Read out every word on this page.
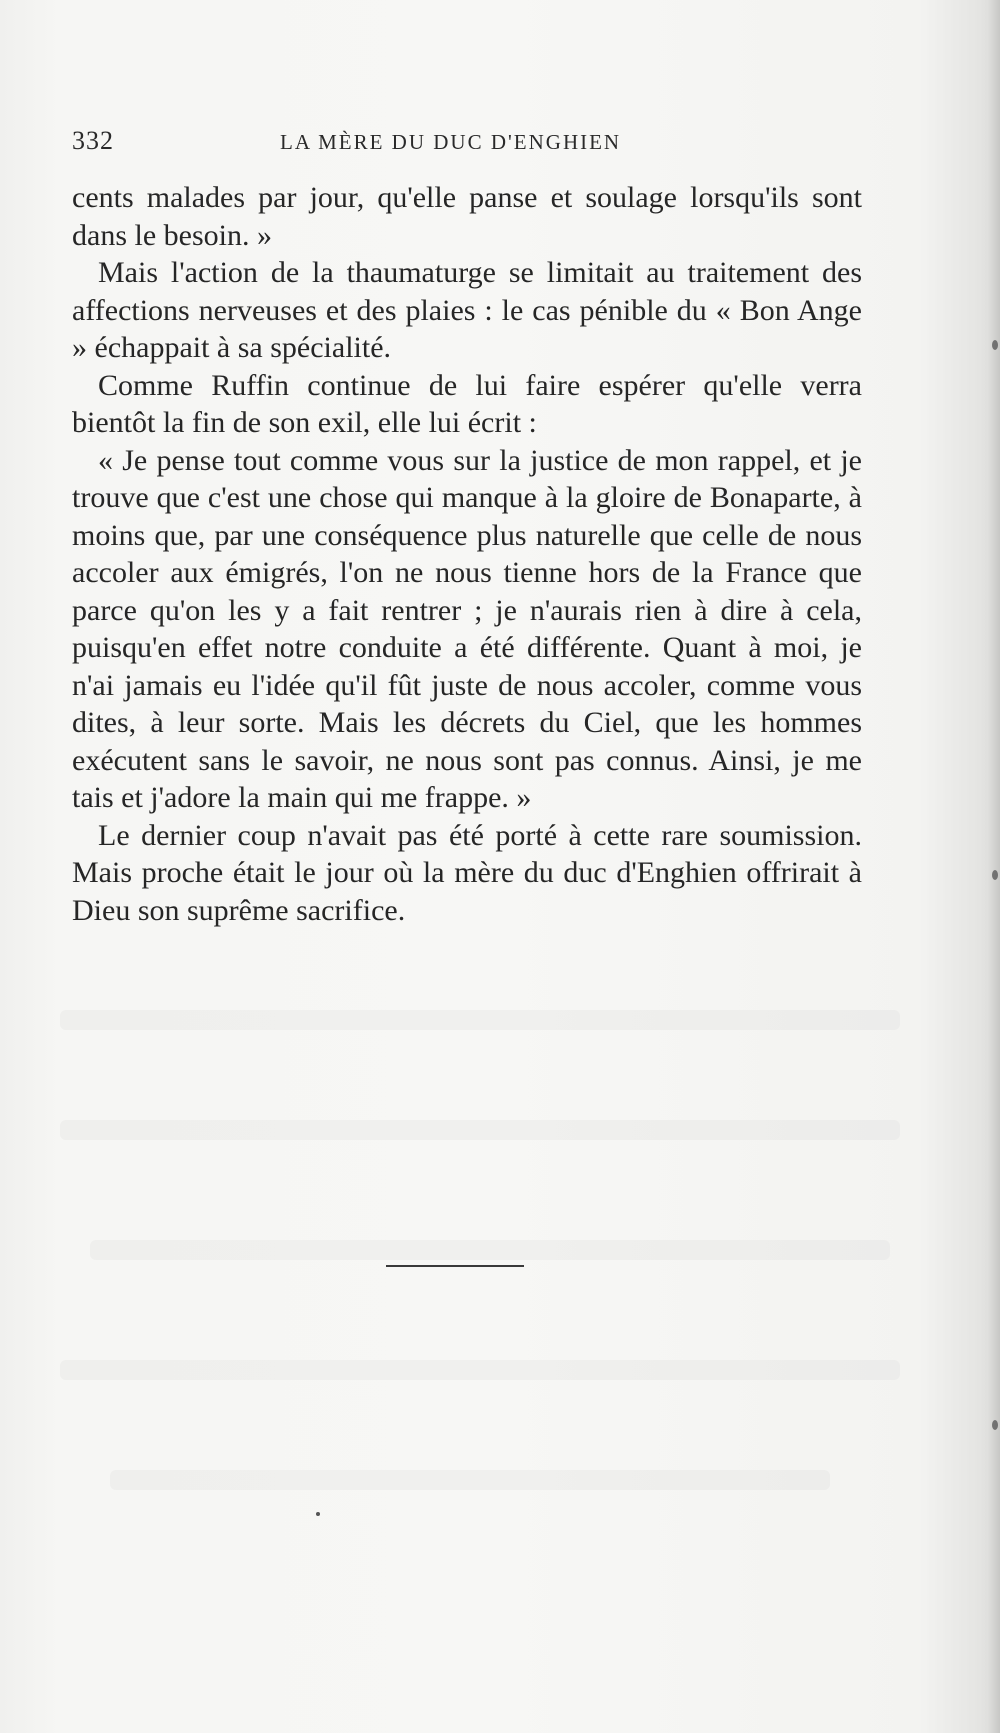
332	LA MÈRE DU DUC D'ENGHIEN

cents malades par jour, qu'elle panse et soulage lorsqu'ils sont dans le besoin. »

Mais l'action de la thaumaturge se limitait au traitement des affections nerveuses et des plaies : le cas pénible du « Bon Ange » échappait à sa spécialité.

Comme Ruffin continue de lui faire espérer qu'elle verra bientôt la fin de son exil, elle lui écrit :

« Je pense tout comme vous sur la justice de mon rappel, et je trouve que c'est une chose qui manque à la gloire de Bonaparte, à moins que, par une conséquence plus naturelle que celle de nous accoler aux émigrés, l'on ne nous tienne hors de la France que parce qu'on les y a fait rentrer ; je n'aurais rien à dire à cela, puisqu'en effet notre conduite a été différente. Quant à moi, je n'ai jamais eu l'idée qu'il fût juste de nous accoler, comme vous dites, à leur sorte. Mais les décrets du Ciel, que les hommes exécutent sans le savoir, ne nous sont pas connus. Ainsi, je me tais et j'adore la main qui me frappe. »

Le dernier coup n'avait pas été porté à cette rare soumission. Mais proche était le jour où la mère du duc d'Enghien offrirait à Dieu son suprême sacrifice.
